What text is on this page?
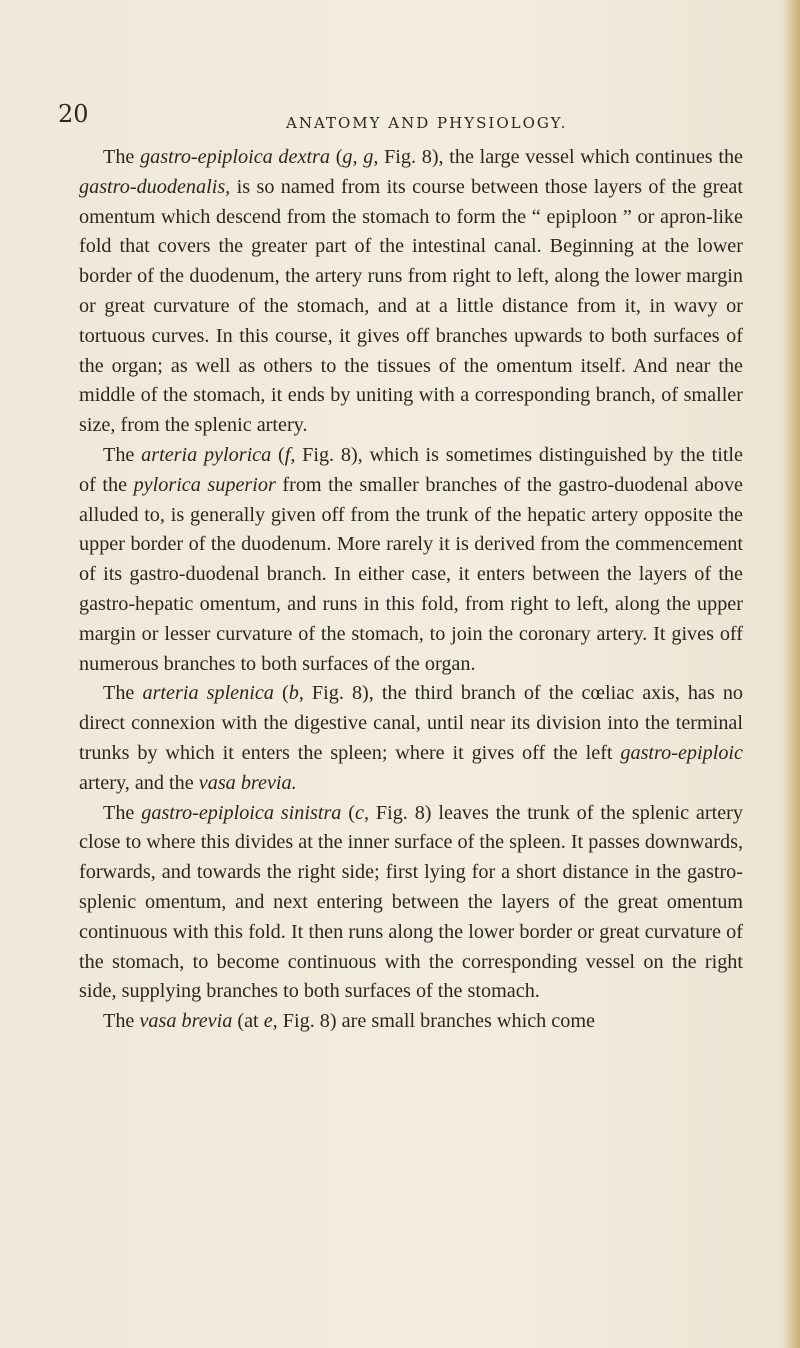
20	ANATOMY AND PHYSIOLOGY.

The gastro-epiploica dextra (g, g, Fig. 8), the large vessel which continues the gastro-duodenalis, is so named from its course between those layers of the great omentum which descend from the stomach to form the “ epiploon ” or apron-like fold that covers the greater part of the intestinal canal. Beginning at the lower border of the duodenum, the artery runs from right to left, along the lower margin or great curvature of the stomach, and at a little distance from it, in wavy or tortuous curves. In this course, it gives off branches upwards to both surfaces of the organ; as well as others to the tissues of the omentum itself. And near the middle of the stomach, it ends by uniting with a corresponding branch, of smaller size, from the splenic artery.

The arteria pylorica (f, Fig. 8), which is sometimes distinguished by the title of the pylorica superior from the smaller branches of the gastro-duodenal above alluded to, is generally given off from the trunk of the hepatic artery opposite the upper border of the duodenum. More rarely it is derived from the commencement of its gastro-duodenal branch. In either case, it enters between the layers of the gastro-hepatic omentum, and runs in this fold, from right to left, along the upper margin or lesser curvature of the stomach, to join the coronary artery. It gives off numerous branches to both surfaces of the organ.

The arteria splenica (b, Fig. 8), the third branch of the cœliac axis, has no direct connexion with the digestive canal, until near its division into the terminal trunks by which it enters the spleen; where it gives off the left gastro-epiploic artery, and the vasa brevia.

The gastro-epiploica sinistra (c, Fig. 8) leaves the trunk of the splenic artery close to where this divides at the inner surface of the spleen. It passes downwards, forwards, and towards the right side; first lying for a short distance in the gastro-splenic omentum, and next entering between the layers of the great omentum continuous with this fold. It then runs along the lower border or great curvature of the stomach, to become continuous with the corresponding vessel on the right side, supplying branches to both surfaces of the stomach.

The vasa brevia (at e, Fig. 8) are small branches which come
